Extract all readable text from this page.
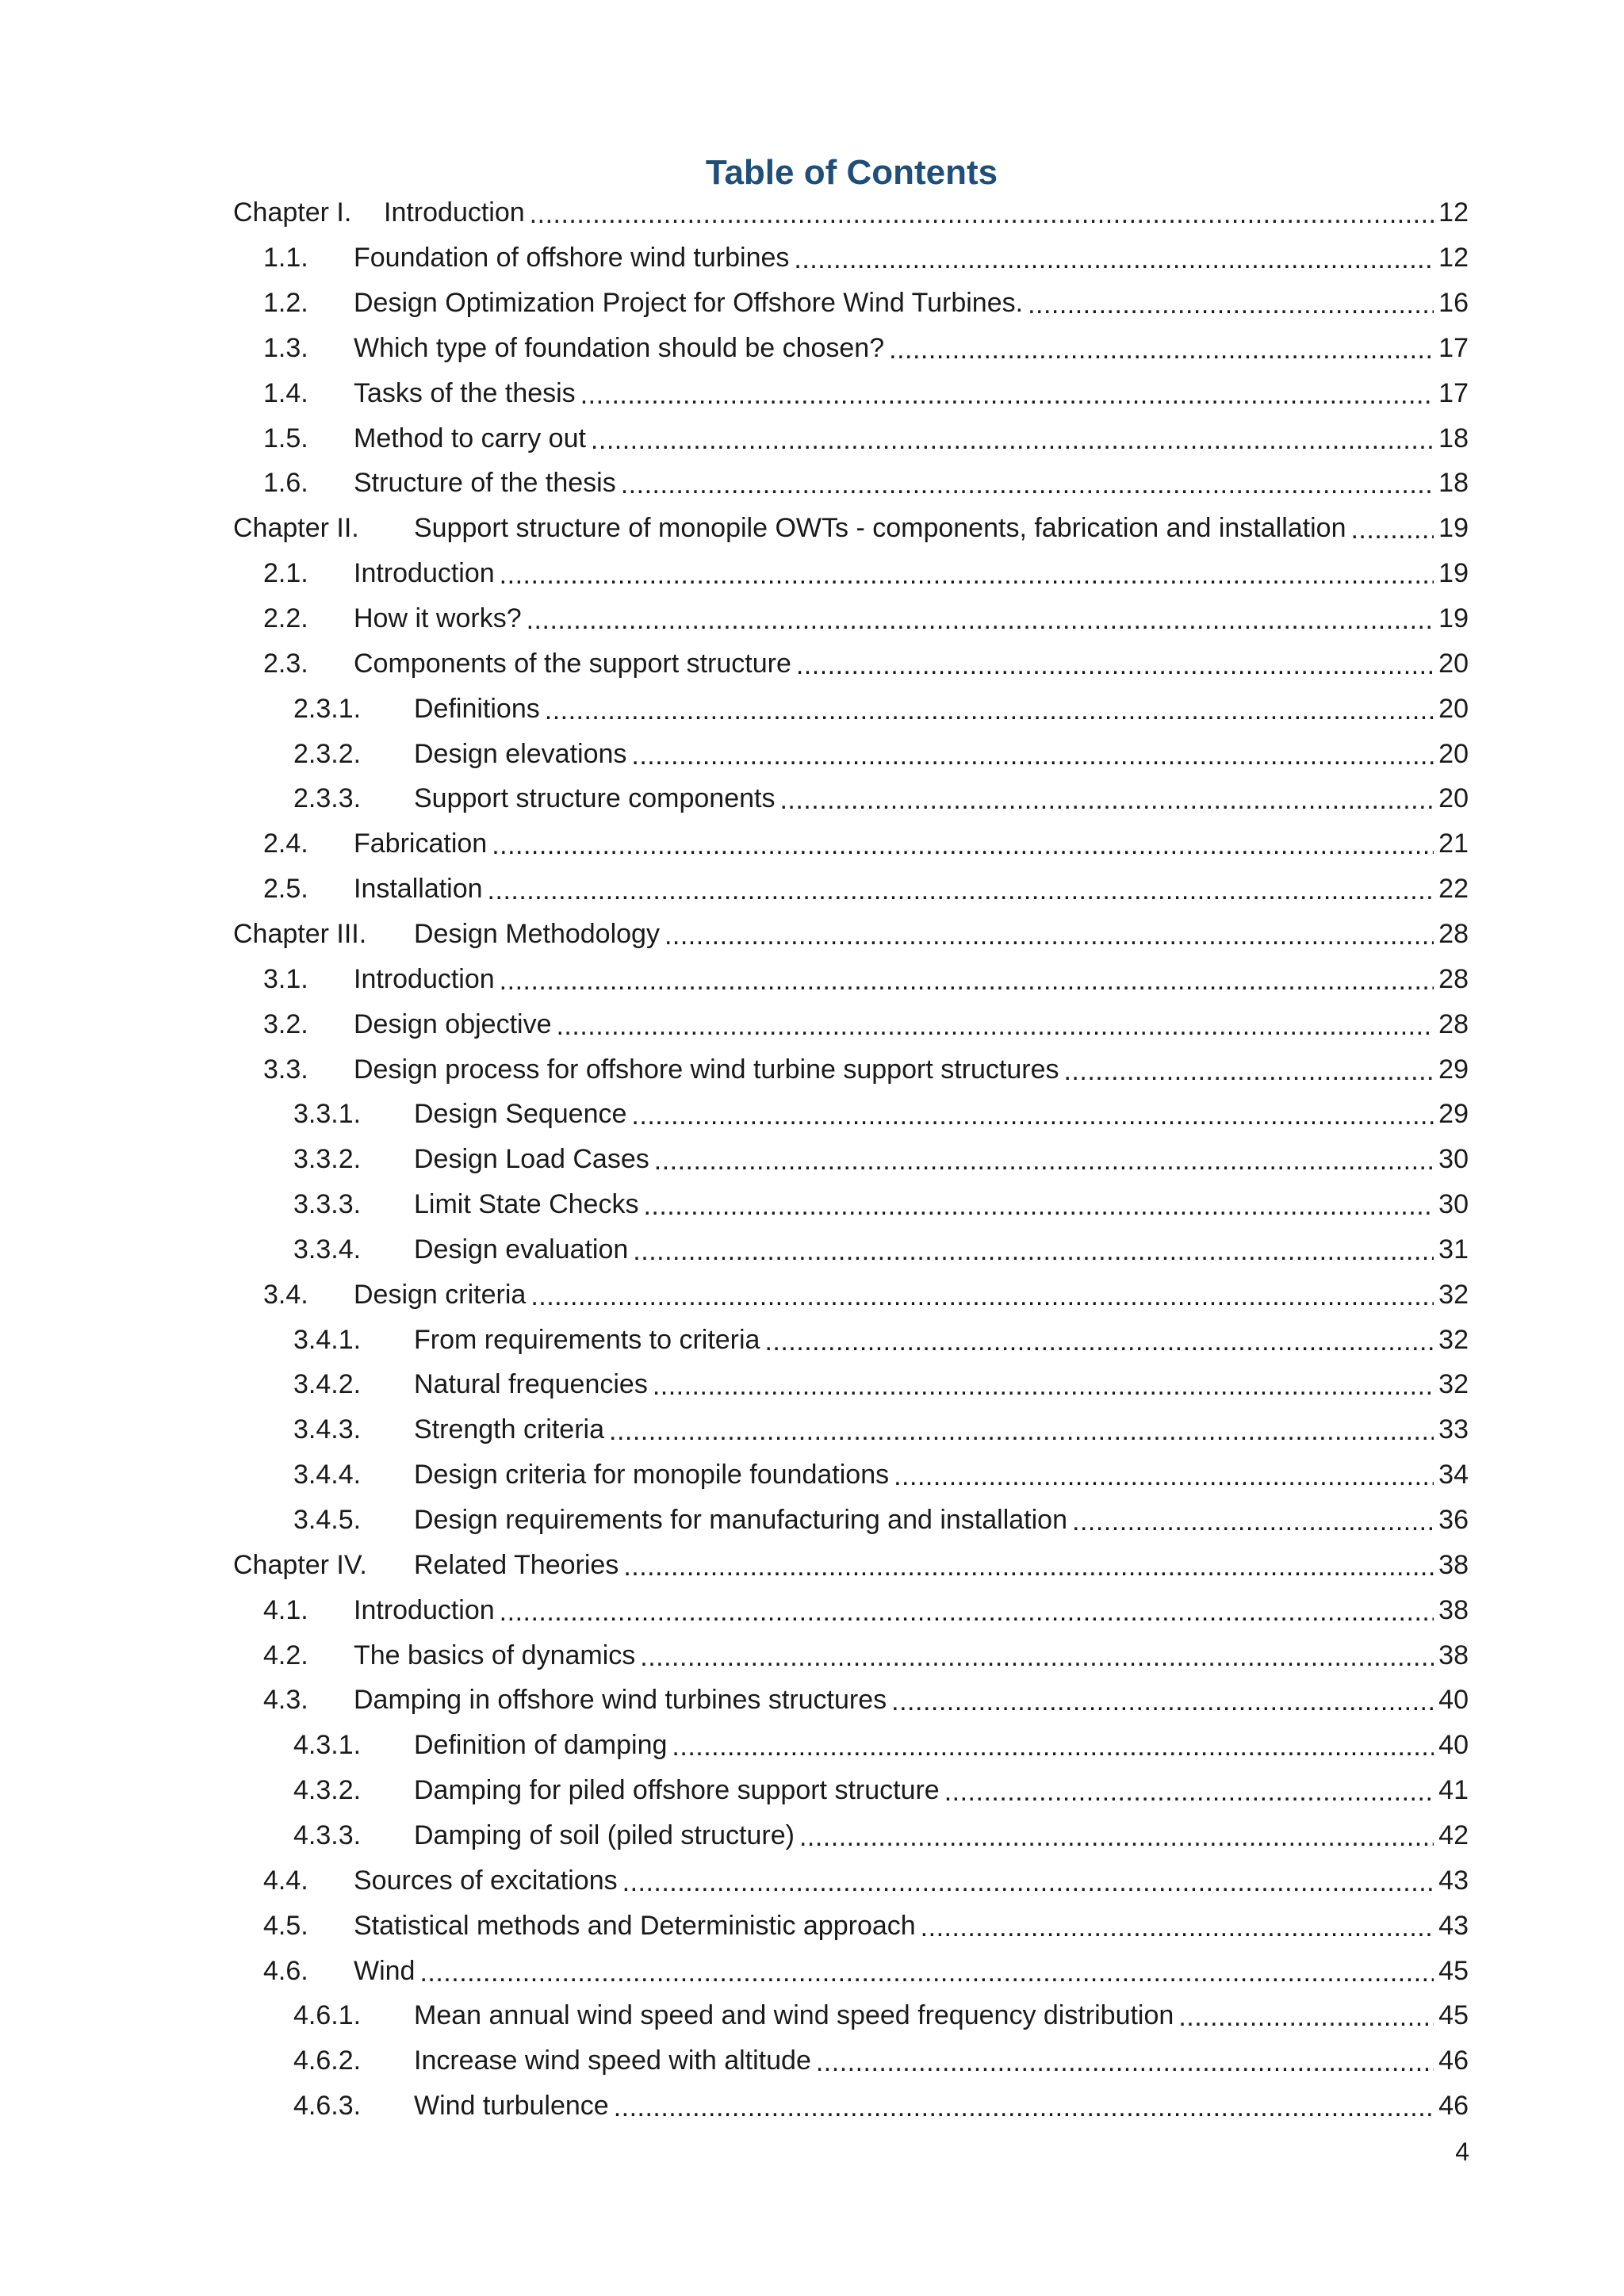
Table of Contents
Chapter I.	Introduction .....	12
1.1.	Foundation of offshore wind turbines .....	12
1.2.	Design Optimization Project for Offshore Wind Turbines. .....	16
1.3.	Which type of foundation should be chosen? .....	17
1.4.	Tasks of the thesis .....	17
1.5.	Method to carry out .....	18
1.6.	Structure of the thesis .....	18
Chapter II.	Support structure of monopile OWTs - components, fabrication and installation .....	19
2.1.	Introduction .....	19
2.2.	How it works? .....	19
2.3.	Components of the support structure .....	20
2.3.1.	Definitions .....	20
2.3.2.	Design elevations .....	20
2.3.3.	Support structure components .....	20
2.4.	Fabrication .....	21
2.5.	Installation .....	22
Chapter III.	Design Methodology .....	28
3.1.	Introduction .....	28
3.2.	Design objective .....	28
3.3.	Design process for offshore wind turbine support structures .....	29
3.3.1.	Design Sequence .....	29
3.3.2.	Design Load Cases .....	30
3.3.3.	Limit State Checks .....	30
3.3.4.	Design evaluation .....	31
3.4.	Design criteria .....	32
3.4.1.	From requirements to criteria .....	32
3.4.2.	Natural frequencies .....	32
3.4.3.	Strength criteria .....	33
3.4.4.	Design criteria for monopile foundations .....	34
3.4.5.	Design requirements for manufacturing and installation .....	36
Chapter IV.	Related Theories .....	38
4.1.	Introduction .....	38
4.2.	The basics of dynamics .....	38
4.3.	Damping in offshore wind turbines structures .....	40
4.3.1.	Definition of damping .....	40
4.3.2.	Damping for piled offshore support structure .....	41
4.3.3.	Damping of soil (piled structure) .....	42
4.4.	Sources of excitations .....	43
4.5.	Statistical methods and Deterministic approach .....	43
4.6.	Wind .....	45
4.6.1.	Mean annual wind speed and wind speed frequency distribution .....	45
4.6.2.	Increase wind speed with altitude .....	46
4.6.3.	Wind turbulence .....	46
4
